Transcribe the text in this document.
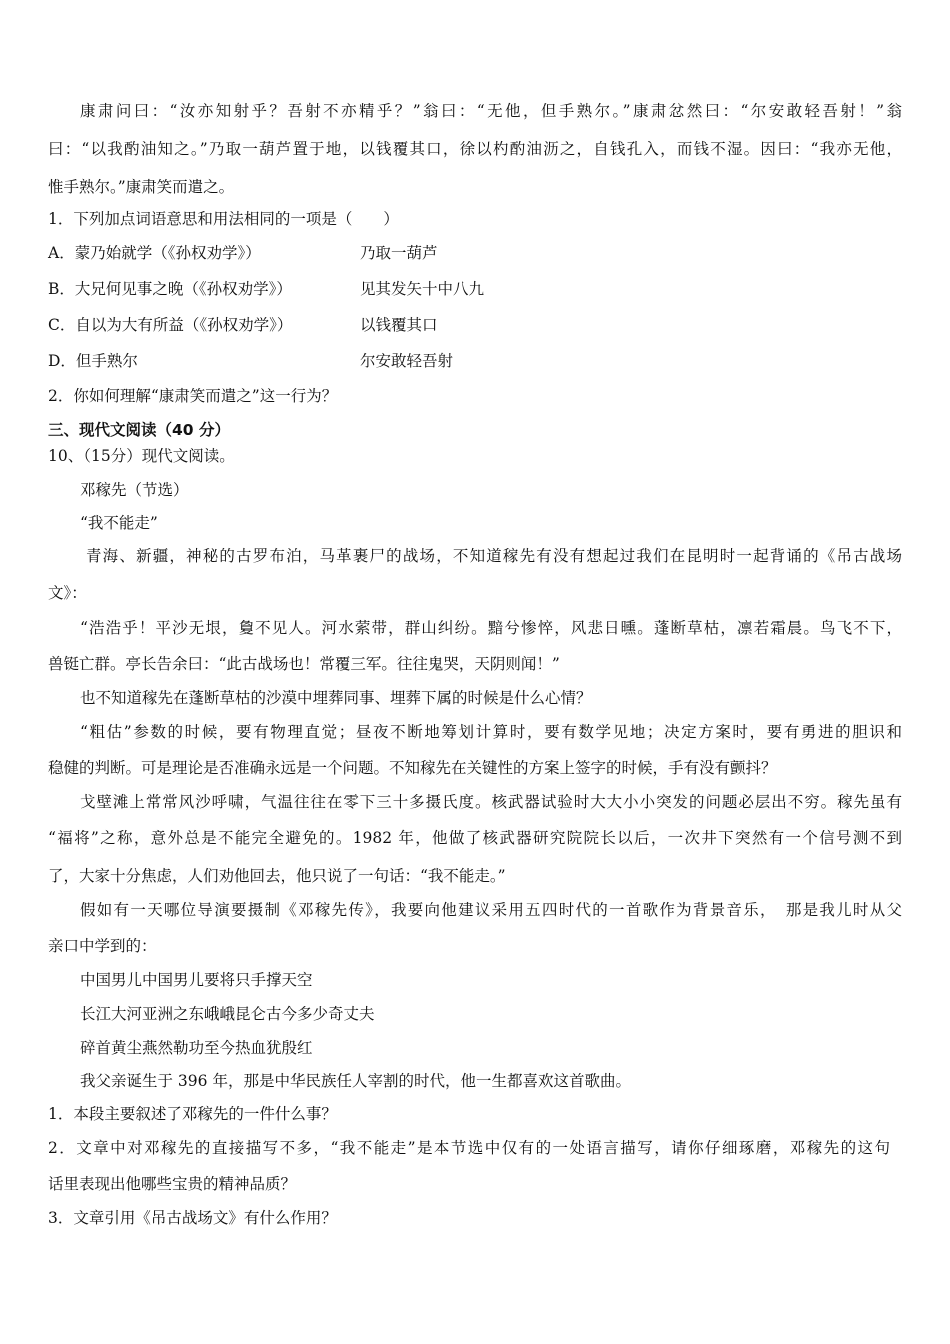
康肃问曰：“汝亦知射乎？吾射不亦精乎？”翁曰：“无他，但手熟尔。”康肃忿然曰：“尔安敢轻吾射！”翁
曰：“以我酌油知之。”乃取一葫芦置于地，以钱覆其口，徐以杓酌油沥之，自钱孔入，而钱不湿。因曰：“我亦无他，
惟手熟尔。”康肃笑而遣之。
1．下列加点词语意思和用法相同的一项是（　　）
A．蒙乃始就学（《孙权劝学》）	乃取一葫芦
B．大兄何见事之晚（《孙权劝学》）	见其发矢十中八九
C．自以为大有所益（《孙权劝学》）	以钱覆其口
D．但手熟尔	尔安敢轻吾射
2．你如何理解“康肃笑而遣之”这一行为？
三、现代文阅读（40 分）
10、（15分）现代文阅读。
邓稼先（节选）
“我不能走”
青海、新疆，神秘的古罗布泊，马革裹尸的战场，不知道稼先有没有想起过我们在昆明时一起背诵的《吊古战场
文》：
“浩浩乎！平沙无垠，敻不见人。河水萦带，群山纠纷。黯兮惨悴，风悲日曛。蓬断草枯，凛若霜晨。鸟飞不下，
兽铤亡群。亭长告余曰：“此古战场也！常覆三军。往往鬼哭，天阴则闻！”
也不知道稼先在蓬断草枯的沙漠中埋葬同事、埋葬下属的时候是什么心情？
“粗估”参数的时候，要有物理直觉；昼夜不断地筹划计算时，要有数学见地；决定方案时，要有勇进的胆识和
稳健的判断。可是理论是否准确永远是一个问题。不知稼先在关键性的方案上签字的时候，手有没有颤抖？
戈壁滩上常常风沙呼啸，气温往往在零下三十多摄氏度。核武器试验时大大小小突发的问题必层出不穷。稼先虽有
“福将”之称，意外总是不能完全避免的。1982 年，他做了核武器研究院院长以后，一次井下突然有一个信号测不到
了，大家十分焦虑，人们劝他回去，他只说了一句话：“我不能走。”
假如有一天哪位导演要摄制《邓稼先传》，我要向他建议采用五四时代的一首歌作为背景音乐，　那是我儿时从父
亲口中学到的：
中国男儿中国男儿要将只手撑天空
长江大河亚洲之东峨峨昆仑古今多少奇丈夫
碎首黄尘燕然勒功至今热血犹殷红
我父亲诞生于 396 年，那是中华民族任人宰割的时代，他一生都喜欢这首歌曲。
1．本段主要叙述了邓稼先的一件什么事？
2．文章中对邓稼先的直接描写不多，“我不能走”是本节选中仅有的一处语言描写，请你仔细琢磨，邓稼先的这句
话里表现出他哪些宝贵的精神品质？
3．文章引用《吊古战场文》有什么作用？
